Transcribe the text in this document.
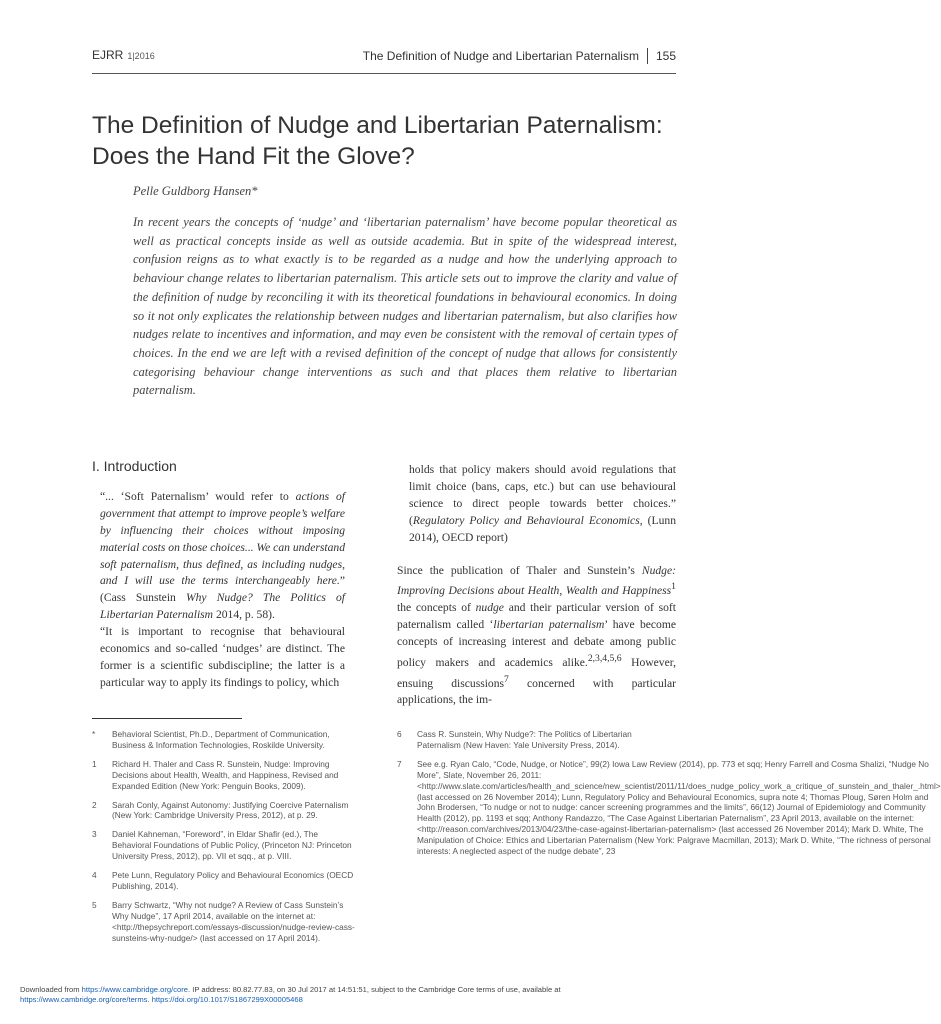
EJRR 1|2016	The Definition of Nudge and Libertarian Paternalism 155
The Definition of Nudge and Libertarian Paternalism: Does the Hand Fit the Glove?
Pelle Guldborg Hansen*

In recent years the concepts of ‘nudge’ and ‘libertarian paternalism’ have become popular theoretical as well as practical concepts inside as well as outside academia. But in spite of the widespread interest, confusion reigns as to what exactly is to be regarded as a nudge and how the underlying approach to behaviour change relates to libertarian paternalism. This article sets out to improve the clarity and value of the definition of nudge by reconciling it with its theoretical foundations in behavioural economics. In doing so it not only explicates the relationship between nudges and libertarian paternalism, but also clarifies how nudges relate to incentives and information, and may even be consistent with the removal of certain types of choices. In the end we are left with a revised definition of the concept of nudge that allows for consistently categorising behaviour change interventions as such and that places them relative to libertarian paternalism.

I. Introduction

“... ‘Soft Paternalism’ would refer to actions of government that attempt to improve people’s welfare by influencing their choices without imposing material costs on those choices... We can understand soft paternalism, thus defined, as including nudges, and I will use the terms interchangeably here.” (Cass Sunstein Why Nudge? The Politics of Libertarian Paternalism 2014, p. 58).

“It is important to recognise that behavioural economics and so-called ‘nudges’ are distinct. The former is a scientific subdiscipline; the latter is a particular way to apply its findings to policy, which

holds that policy makers should avoid regulations that limit choice (bans, caps, etc.) but can use behavioural science to direct people towards better choices.” (Regulatory Policy and Behavioural Economics, (Lunn 2014), OECD report)

Since the publication of Thaler and Sunstein’s Nudge: Improving Decisions about Health, Wealth and Happiness$^1$ the concepts of nudge and their particular version of soft paternalism called ‘libertarian paternalism’ have become concepts of increasing interest and debate among public policy makers and academics alike.$^{2,3,4,5,6}$ However, ensuing discussions$^7$ concerned with particular applications, the im-

*	Behavioral Scientist, Ph.D., Department of Communication, Business & Information Technologies, Roskilde University.
1	Richard H. Thaler and Cass R. Sunstein, Nudge: Improving Decisions about Health, Wealth, and Happiness, Revised and Expanded Edition (New York: Penguin Books, 2009).
2	Sarah Conly, Against Autonomy: Justifying Coercive Paternalism (New York: Cambridge University Press, 2012), at p. 29.
3	Daniel Kahneman, “Foreword”, in Eldar Shafir (ed.), The Behavioral Foundations of Public Policy, (Princeton NJ: Princeton University Press, 2012), pp. VII et sqq., at p. VIII.
4	Pete Lunn, Regulatory Policy and Behavioural Economics (OECD Publishing, 2014).
5	Barry Schwartz, “Why not nudge? A Review of Cass Sunstein’s Why Nudge”, 17 April 2014, available on the internet at: <http://thepsychreport.com/essays-discussion/nudge-review-cass-sunsteins-why-nudge/> (last accessed on 17 April 2014).
6	Cass R. Sunstein, Why Nudge?: The Politics of Libertarian Paternalism (New Haven: Yale University Press, 2014).
7	See e.g. Ryan Calo, “Code, Nudge, or Notice”, 99(2) Iowa Law Review (2014), pp. 773 et sqq; Henry Farrell and Cosma Shalizi, “Nudge No More”, Slate, November 26, 2011: <http://www.slate.com/articles/health_and_science/new_scientist/2011/11/does_nudge_policy_work_a_critique_of_sunstein_and_thaler_.html> (last accessed on 26 November 2014); Lunn, Regulatory Policy and Behavioural Economics, supra note 4; Thomas Ploug, Søren Holm and John Brodersen, “To nudge or not to nudge: cancer screening programmes and the limits”, 66(12) Journal of Epidemiology and Community Health (2012), pp. 1193 et sqq; Anthony Randazzo, “The Case Against Libertarian Paternalism”, 23 April 2013, available on the internet: <http://reason.com/archives/2013/04/23/the-case-against-libertarian-paternalism> (last accessed 26 November 2014); Mark D. White, The Manipulation of Choice: Ethics and Libertarian Paternalism (New York: Palgrave Macmillan, 2013); Mark D. White, “The richness of personal interests: A neglected aspect of the nudge debate”, 23
Downloaded from https://www.cambridge.org/core. IP address: 80.82.77.83, on 30 Jul 2017 at 14:51:51, subject to the Cambridge Core terms of use, available at
https://www.cambridge.org/core/terms. https://doi.org/10.1017/S1867299X00005468
